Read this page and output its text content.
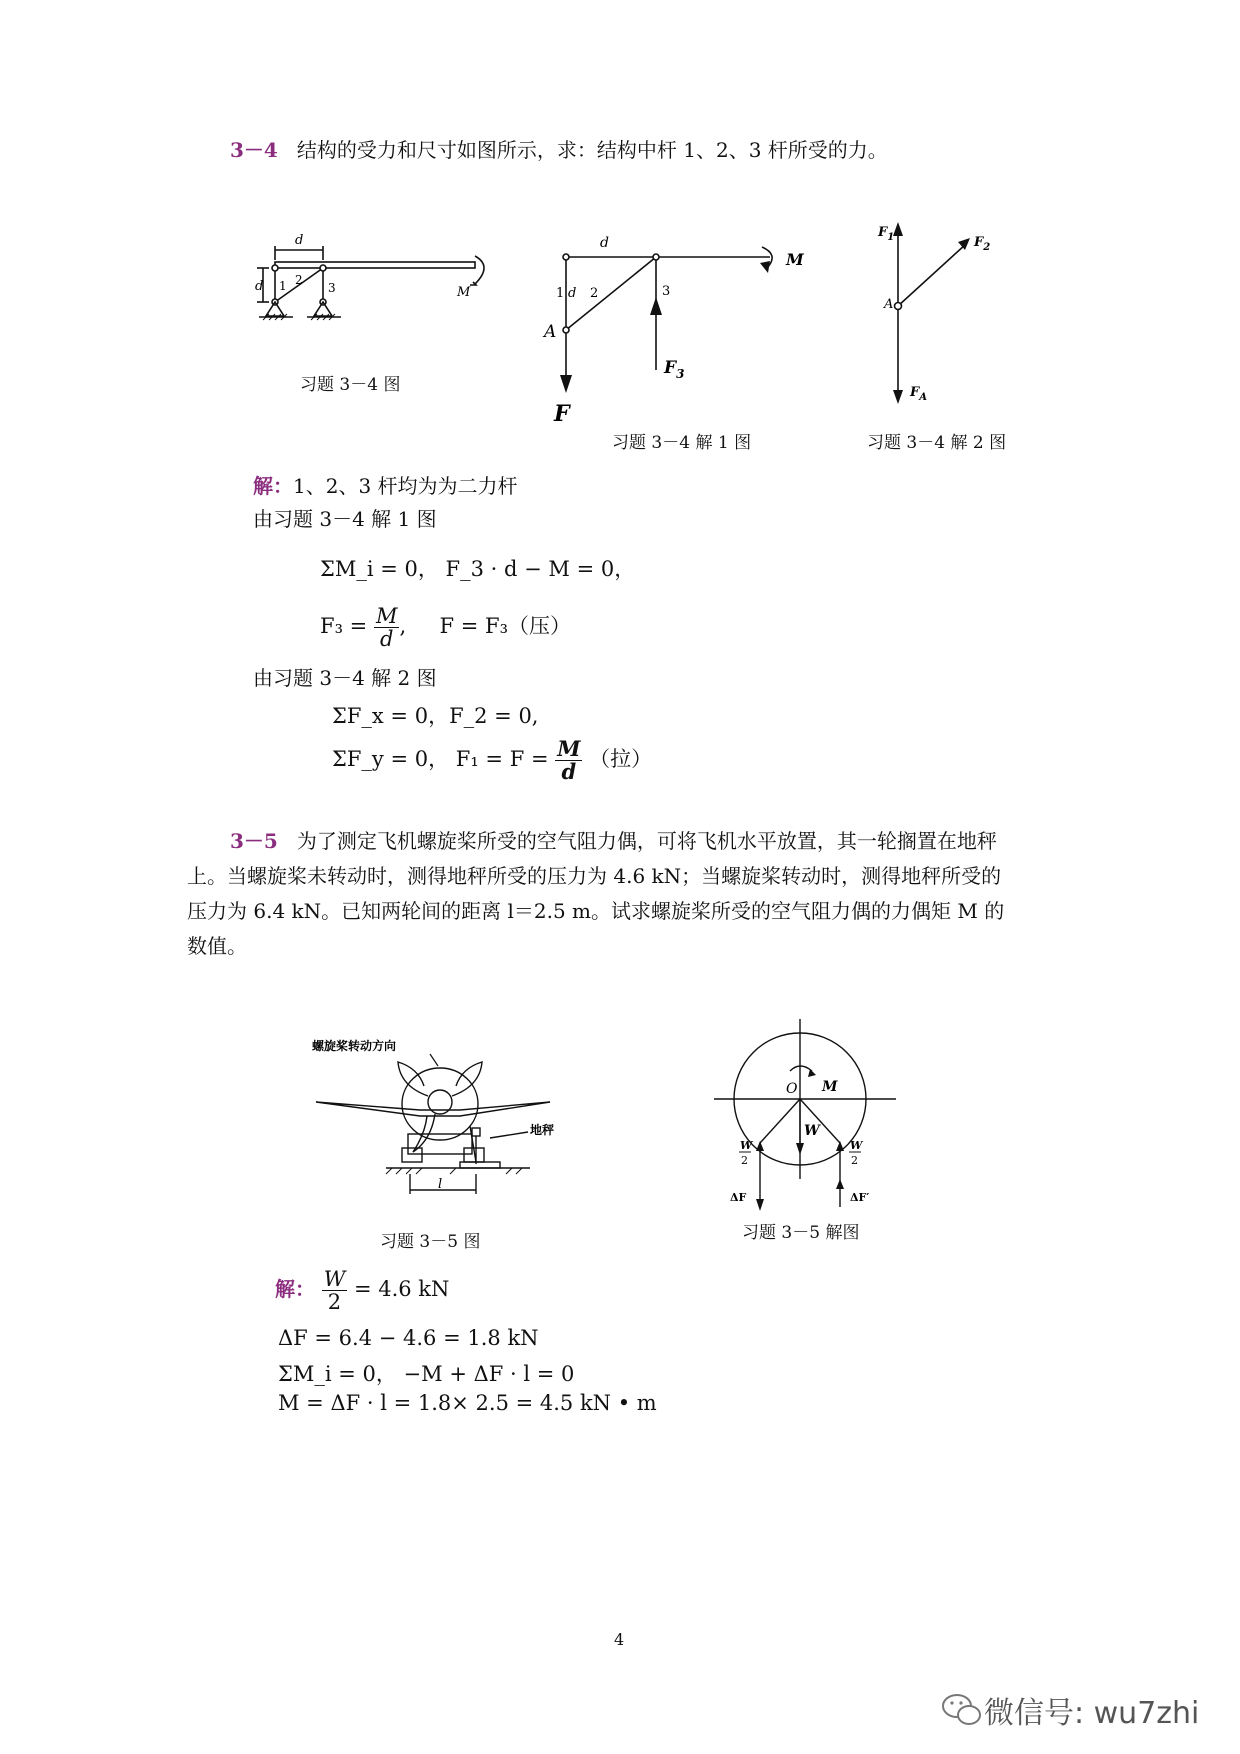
3－4 结构的受力和尺寸如图所示，求：结构中杆 1、2、3 杆所受的力。
d
d 1 2
3	M
习题 3－4 图
d
1 d 2	3
A
F
$F_3$
M
习题 3－4 解 1 图
$F_1$	$F_2$
A
$F_A$
习题 3－4 解 2 图
解：1、2、3 杆均为为二力杆
由习题 3－4 解 1 图
ΣM_i = 0， F_3 · d − M = 0，
$F_3 = \frac{M}{d}$ ,     F = F₃（压）
由习题 3－4 解 2 图
ΣF_x = 0，F_2 = 0,
ΣF_y = 0， $F_1 = F = \frac{M}{d}$ （拉）
3－5 为了测定飞机螺旋桨所受的空气阻力偶，可将飞机水平放置，其一轮搁置在地秤
上。当螺旋桨未转动时，测得地秤所受的压力为 4.6 kN；当螺旋桨转动时，测得地秤所受的
压力为 6.4 kN。已知两轮间的距离 l＝2.5 m。试求螺旋桨所受的空气阻力偶的力偶矩 M 的
数值。
螺旋桨转动方向
地秤
l
习题 3－5 图
O M
W
W
2
W
2
ΔF	ΔF′
习题 3－5 解图
解： $\frac{W}{2} = 4.6$ kN
ΔF = 6.4 − 4.6 = 1.8 kN
ΣM_i = 0， −M + ΔF · l = 0
M = ΔF · l = 1.8× 2.5 = 4.5 kN • m
4
微信号: wu7zhi
